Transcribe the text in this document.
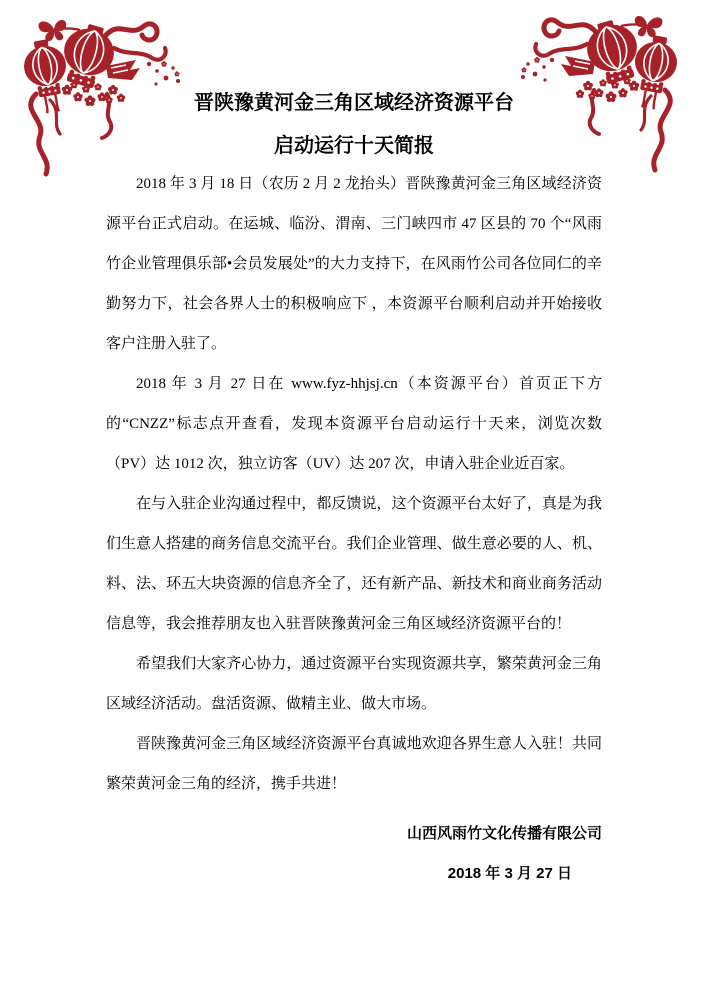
晋陕豫黄河金三角区域经济资源平台
启动运行十天简报

2018 年 3 月 18 日（农历 2 月 2 龙抬头）晋陕豫黄河金三角区域经济资源平台正式启动。在运城、临汾、渭南、三门峡四市 47 区县的 70 个“风雨竹企业管理俱乐部•会员发展处”的大力支持下，在风雨竹公司各位同仁的辛勤努力下，社会各界人士的积极响应下 ，本资源平台顺利启动并开始接收客户注册入驻了。

2018 年 3 月 27 日在 www.fyz-hhjsj.cn（本资源平台）首页正下方的“CNZZ”标志点开查看，发现本资源平台启动运行十天来，浏览次数（PV）达 1012 次，独立访客（UV）达 207 次，申请入驻企业近百家。

在与入驻企业沟通过程中，都反馈说，这个资源平台太好了，真是为我们生意人搭建的商务信息交流平台。我们企业管理、做生意必要的人、机、料、法、环五大块资源的信息齐全了，还有新产品、新技术和商业商务活动信息等，我会推荐朋友也入驻晋陕豫黄河金三角区域经济资源平台的！

希望我们大家齐心协力，通过资源平台实现资源共享，繁荣黄河金三角区域经济活动。盘活资源、做精主业、做大市场。

晋陕豫黄河金三角区域经济资源平台真诚地欢迎各界生意人入驻！共同繁荣黄河金三角的经济，携手共进！

山西风雨竹文化传播有限公司
2018 年 3 月 27 日
